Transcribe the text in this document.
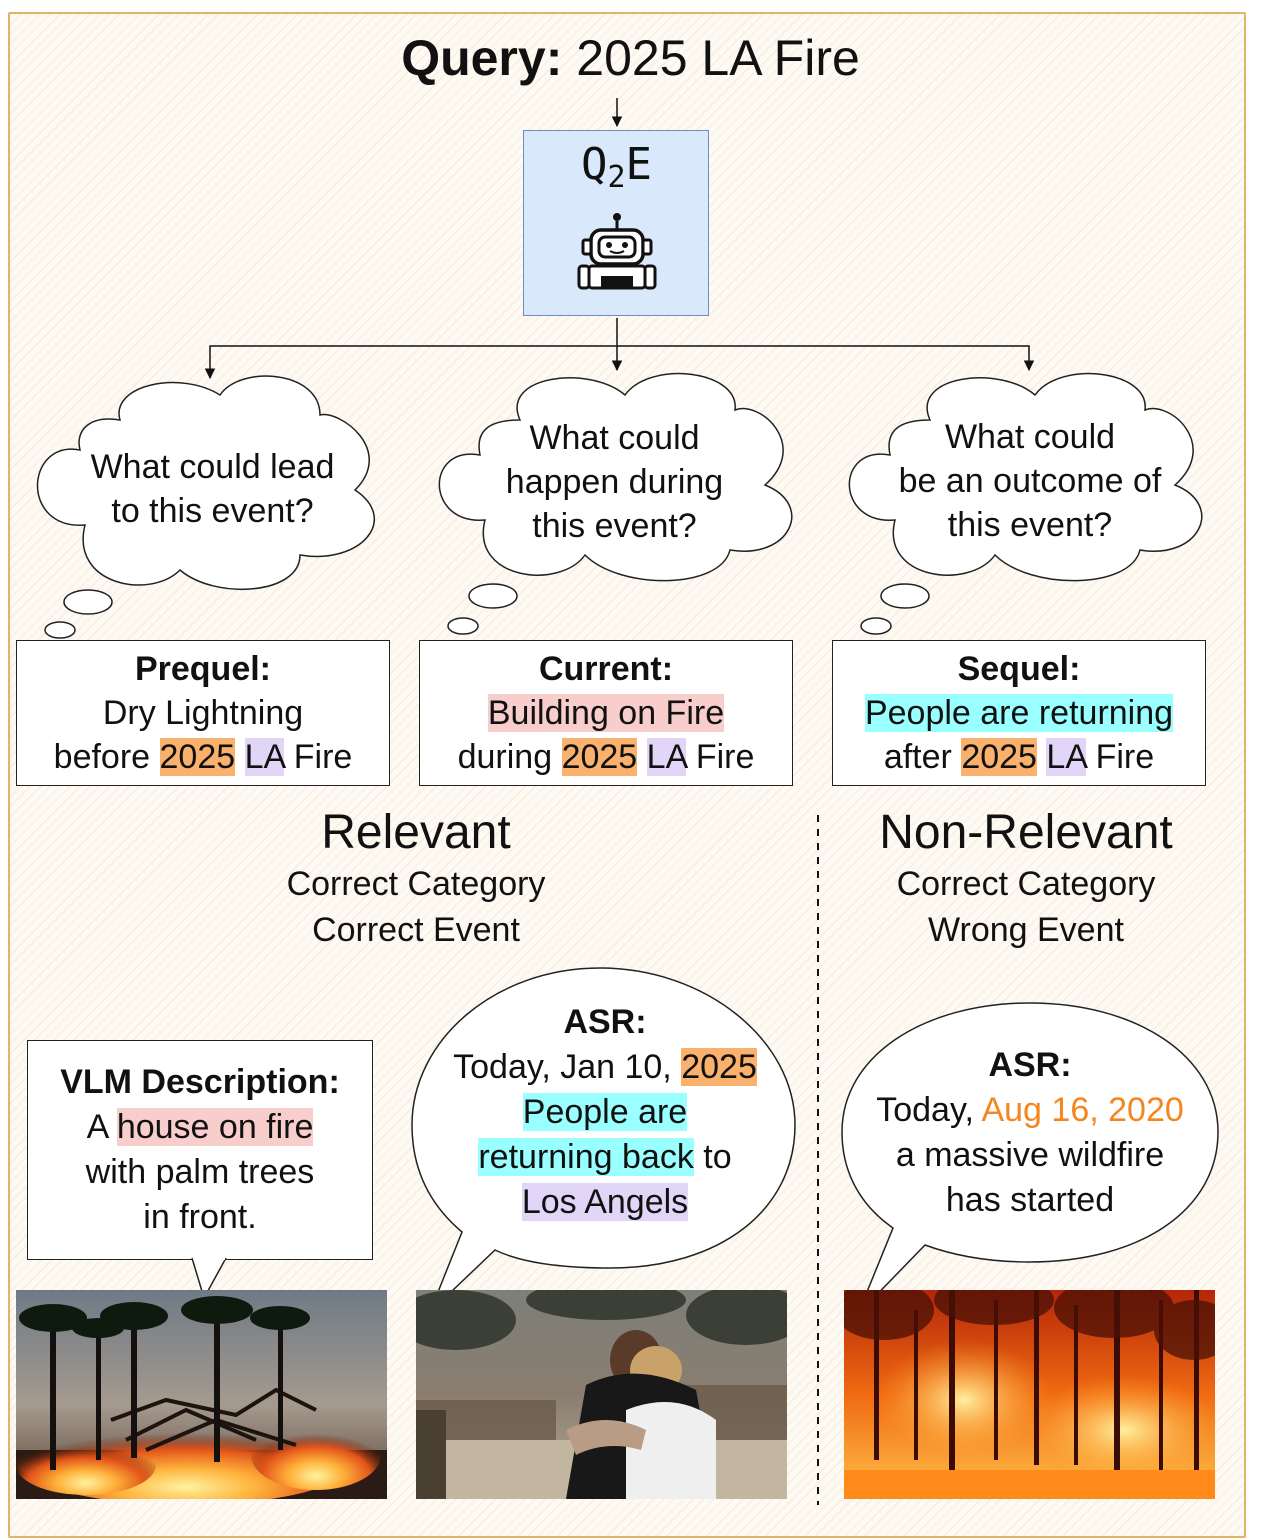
Query: 2025 LA Fire
$Q_2E$
What could lead
to this event?
What could
happen during
this event?
What could
be an outcome of
this event?
Prequel:
Dry Lightning
before 2025 LA Fire
Current:
Building on Fire
during 2025 LA Fire
Sequel:
People are returning
after 2025 LA Fire
Relevant
Correct Category
Correct Event
Non-Relevant
Correct Category
Wrong Event
VLM Description:
A house on fire
with palm trees
in front.
ASR:
Today, Jan 10, 2025
People are
returning back to
Los Angels
ASR:
Today, Aug 16, 2020
a massive wildfire
has started
